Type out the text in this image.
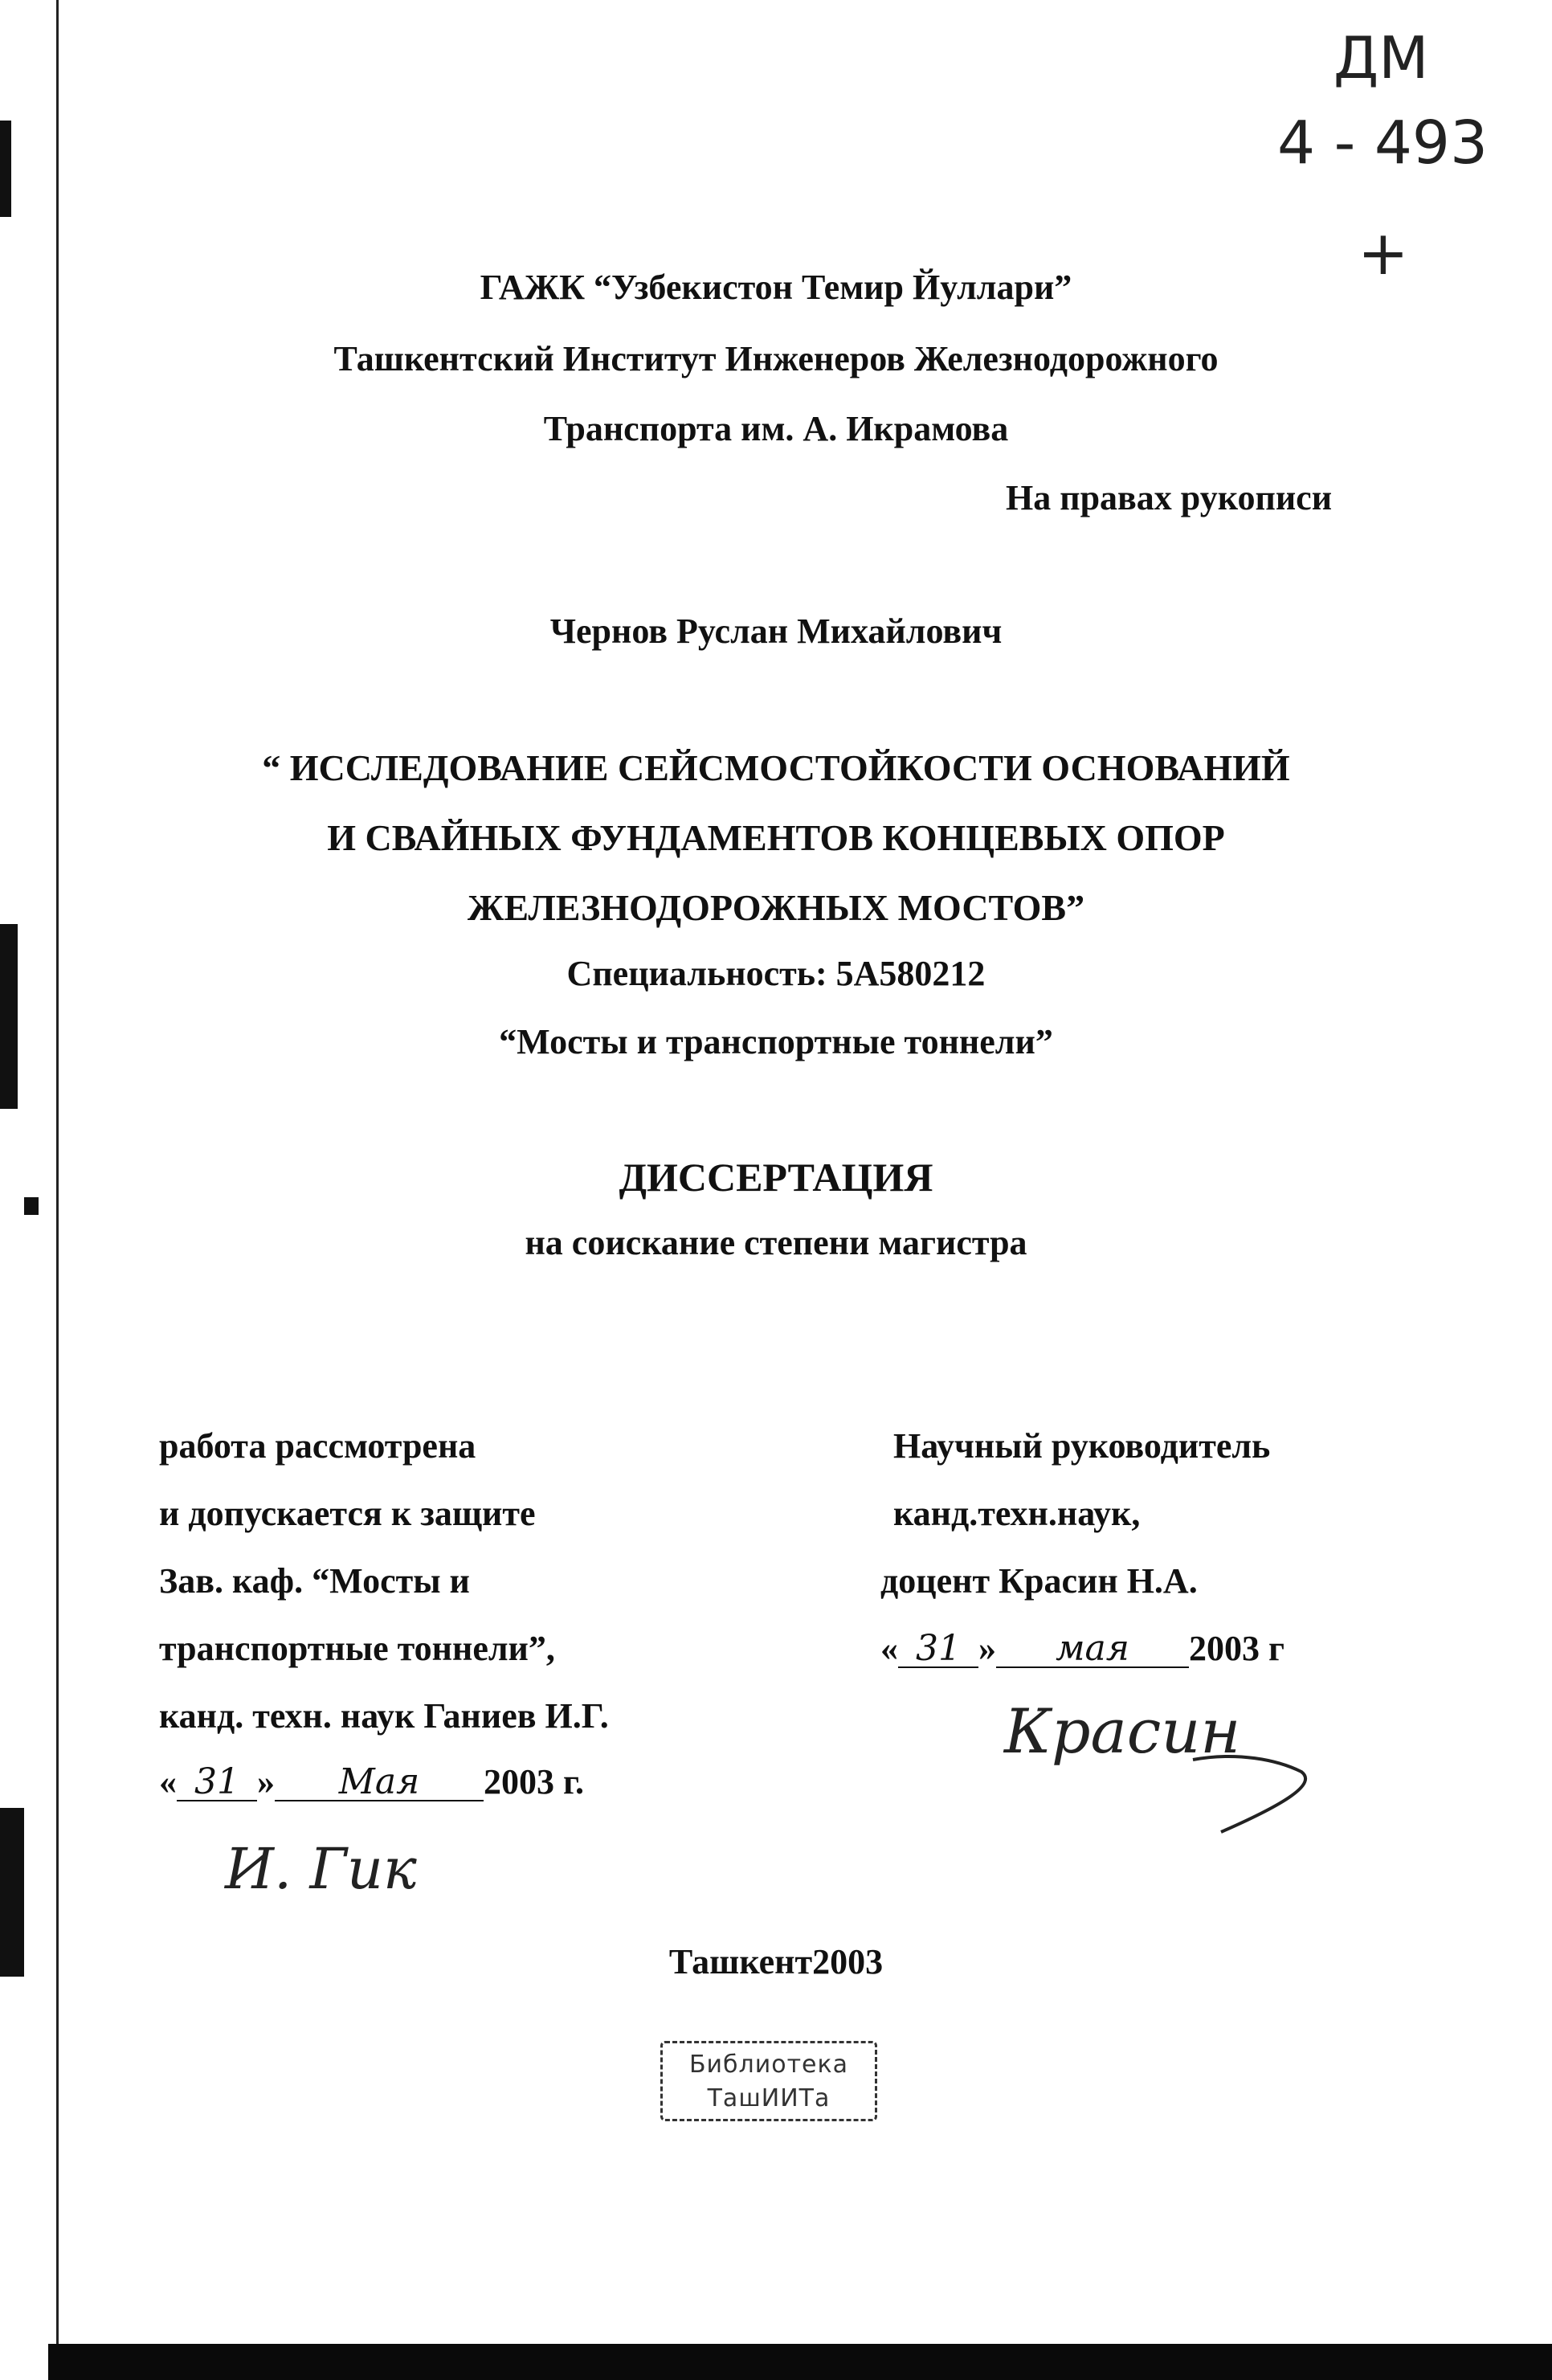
ДМ
4 - 493
+
ГАЖК “Узбекистон Темир Йуллари”
Ташкентский Институт Инженеров Железнодорожного
Транспорта им. А. Икрамова
На правах рукописи
Чернов Руслан Михайлович
“ ИССЛЕДОВАНИЕ СЕЙСМОСТОЙКОСТИ ОСНОВАНИЙ
И СВАЙНЫХ ФУНДАМЕНТОВ КОНЦЕВЫХ ОПОР
ЖЕЛЕЗНОДОРОЖНЫХ МОСТОВ”
Специальность: 5А580212
“Мосты и транспортные тоннели”
ДИССЕРТАЦИЯ
на соискание степени магистра
работа рассмотрена
и допускается к защите
Зав. каф. “Мосты и
транспортные тоннели”,
канд. техн. наук Ганиев И.Г.
« 31 » Мая 2003 г.
И. Гик
Научный руководитель
канд.техн.наук,
доцент Красин Н.А.
« 31 » мая 2003 г
Красин
Ташкент2003
Библиотека
ТашИИТа
